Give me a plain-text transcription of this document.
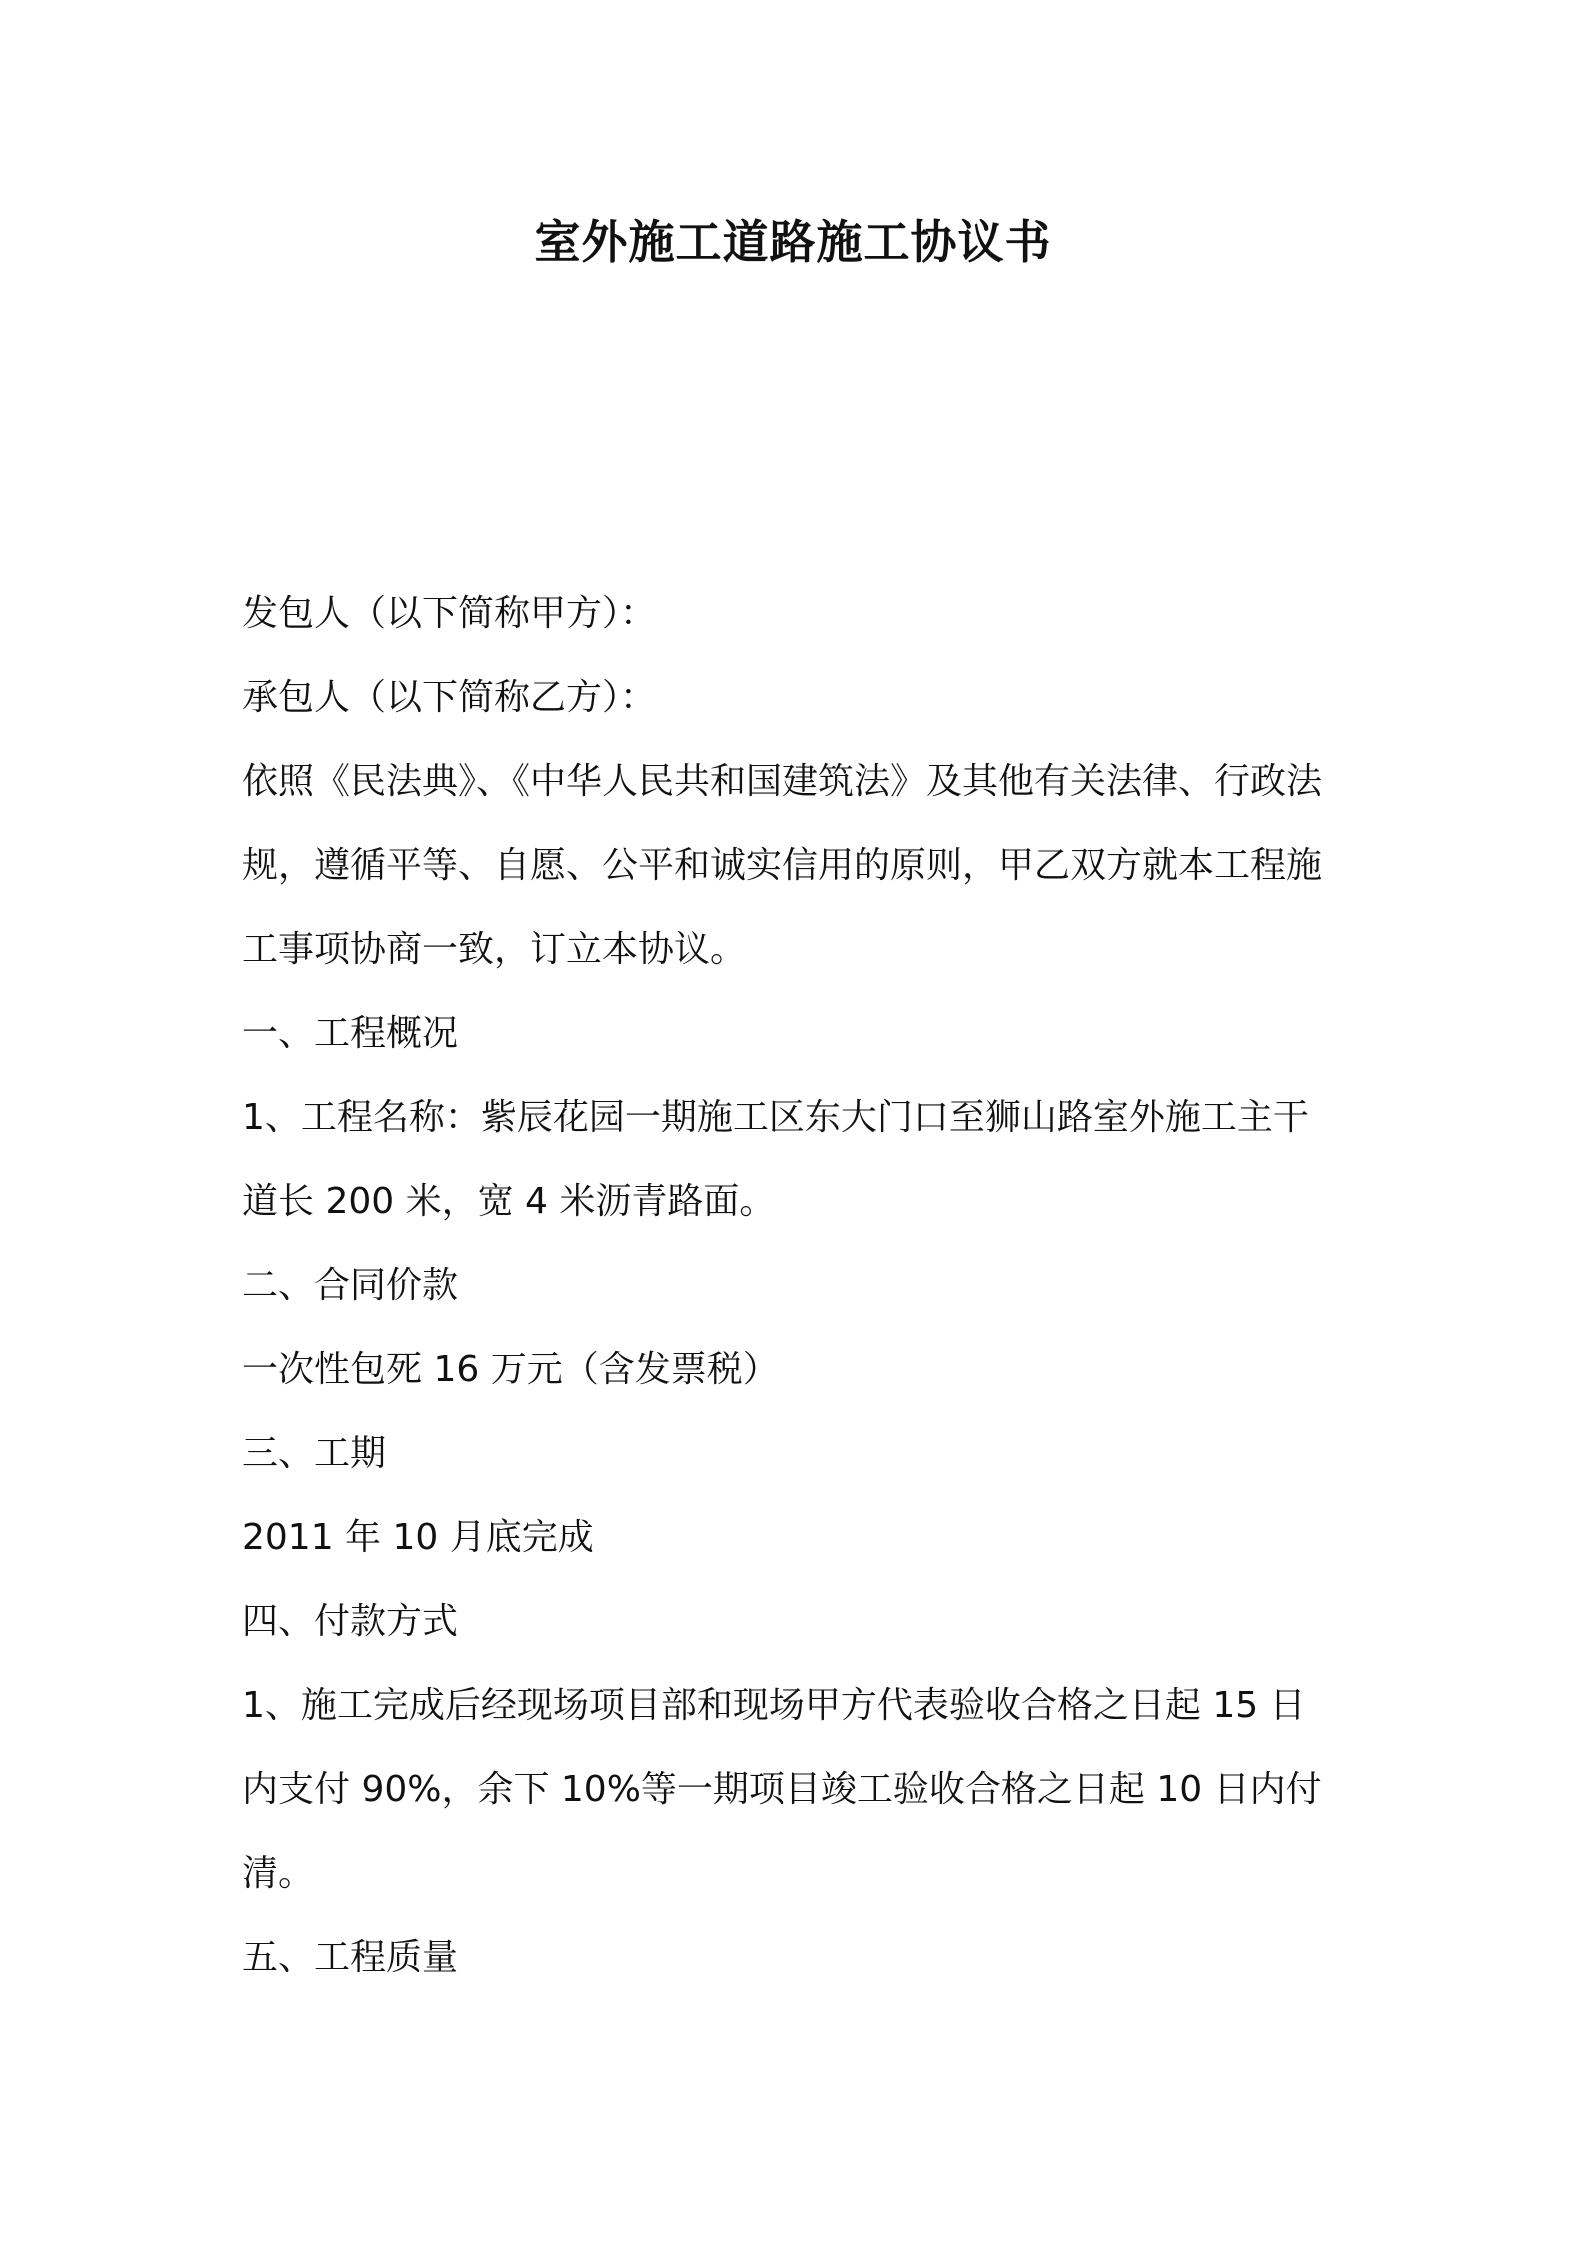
室外施工道路施工协议书

发包人（以下简称甲方）：

承包人（以下简称乙方）：

依照《民法典》、《中华人民共和国建筑法》及其他有关法律、行政法

规，遵循平等、自愿、公平和诚实信用的原则，甲乙双方就本工程施

工事项协商一致，订立本协议。

一、工程概况

1、工程名称：紫辰花园一期施工区东大门口至狮山路室外施工主干

道长 200 米，宽 4 米沥青路面。

二、合同价款

一次性包死 16 万元（含发票税）

三、工期

2011 年 10 月底完成

四、付款方式

1、施工完成后经现场项目部和现场甲方代表验收合格之日起 15 日

内支付 90%，余下 10%等一期项目竣工验收合格之日起 10 日内付

清。

五、工程质量
